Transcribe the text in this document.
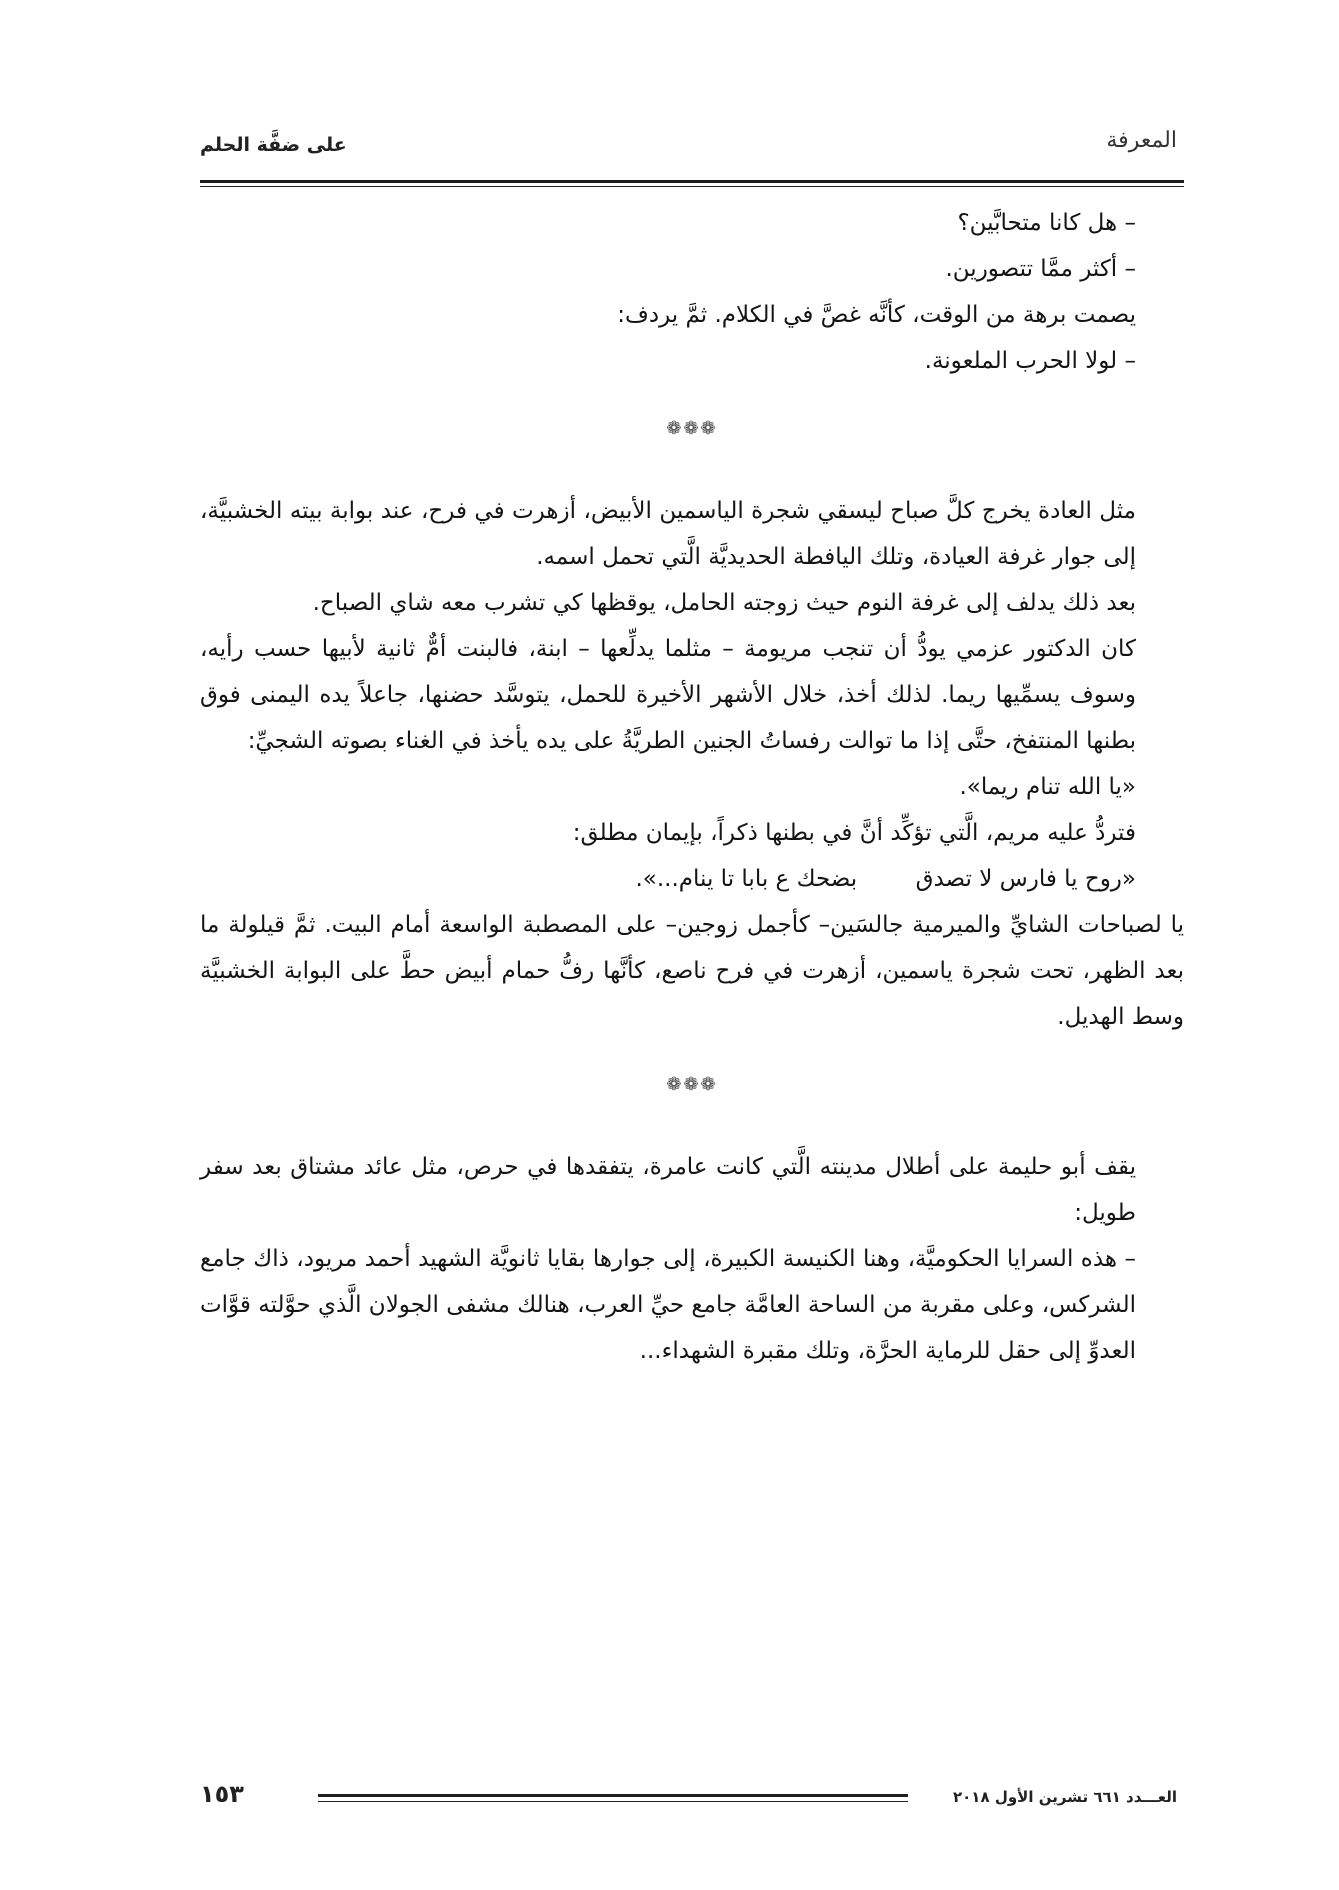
المعرفة
على ضفَّة الحلم

– هل كانا متحابَّين؟

– أكثر ممَّا تتصورين.

يصمت برهة من الوقت، كأنَّه غصَّ في الكلام. ثمَّ يردف:

– لولا الحرب الملعونة.

❁❁❁

مثل العادة يخرج كلَّ صباح ليسقي شجرة الياسمين الأبيض، أزهرت في فرح، عند بوابة بيته الخشبيَّة، إلى جوار غرفة العيادة، وتلك اليافطة الحديديَّة الَّتي تحمل اسمه.

بعد ذلك يدلف إلى غرفة النوم حيث زوجته الحامل، يوقظها كي تشرب معه شاي الصباح.

كان الدكتور عزمي يودُّ أن تنجب مريومة – مثلما يدلِّعها – ابنة، فالبنت أمٌّ ثانية لأبيها حسب رأيه، وسوف يسمِّيها ريما. لذلك أخذ، خلال الأشهر الأخيرة للحمل، يتوسَّد حضنها، جاعلاً يده اليمنى فوق بطنها المنتفخ، حتَّى إذا ما توالت رفساتُ الجنين الطريَّةُ على يده يأخذ في الغناء بصوته الشجيِّ:

«يا الله تنام ريما».

فتردُّ عليه مريم، الَّتي تؤكِّد أنَّ في بطنها ذكراً، بإيمان مطلق:

«روح يا فارس لا تصدق        بضحك ع بابا تا ينام...».

يا لصباحات الشايِّ والميرمية جالسَين– كأجمل زوجين– على المصطبة الواسعة أمام البيت. ثمَّ قيلولة ما بعد الظهر، تحت شجرة ياسمين، أزهرت في فرح ناصع، كأنَّها رفُّ حمام أبيض حطَّ على البوابة الخشبيَّة وسط الهديل.

❁❁❁

يقف أبو حليمة على أطلال مدينته الَّتي كانت عامرة، يتفقدها في حرص، مثل عائد مشتاق بعد سفر طويل:

– هذه السرايا الحكوميَّة، وهنا الكنيسة الكبيرة، إلى جوارها بقايا ثانويَّة الشهيد أحمد مريود، ذاك جامع الشركس، وعلى مقربة من الساحة العامَّة جامع حيِّ العرب، هنالك مشفى الجولان الَّذي حوَّلته قوَّات العدوِّ إلى حقل للرماية الحرَّة، وتلك مقبرة الشهداء...

العـــدد ٦٦١ تشرين الأول ٢٠١٨
١٥٣
